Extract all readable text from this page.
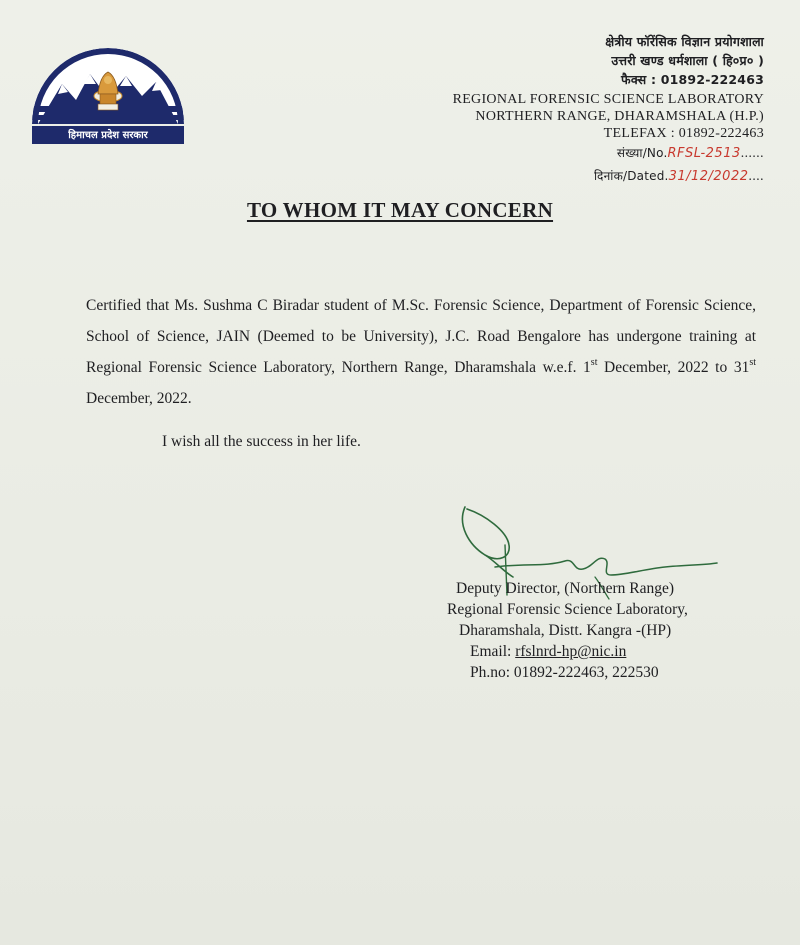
हिमाचल प्रदेश सरकार
क्षेत्रीय फॉरेंसिक विज्ञान प्रयोगशाला
उत्तरी खण्ड धर्मशाला ( हि०प्र० )
फैक्स : 01892-222463
REGIONAL FORENSIC SCIENCE LABORATORY
NORTHERN RANGE, DHARAMSHALA (H.P.)
TELEFAX : 01892-222463
संख्या/No.RFSL-2513......
दिनांक/Dated.31/12/2022....
TO WHOM IT MAY CONCERN
Certified that Ms. Sushma C Biradar student of M.Sc. Forensic Science, Department of Forensic Science, School of Science, JAIN (Deemed to be University), J.C. Road Bengalore has undergone training at Regional Forensic Science Laboratory, Northern Range, Dharamshala w.e.f. 1st December, 2022 to 31st December, 2022.
I wish all the success in her life.
Deputy Director, (Northern Range)
Regional Forensic Science Laboratory,
Dharamshala, Distt. Kangra -(HP)
Email: rfslnrd-hp@nic.in
Ph.no: 01892-222463, 222530
